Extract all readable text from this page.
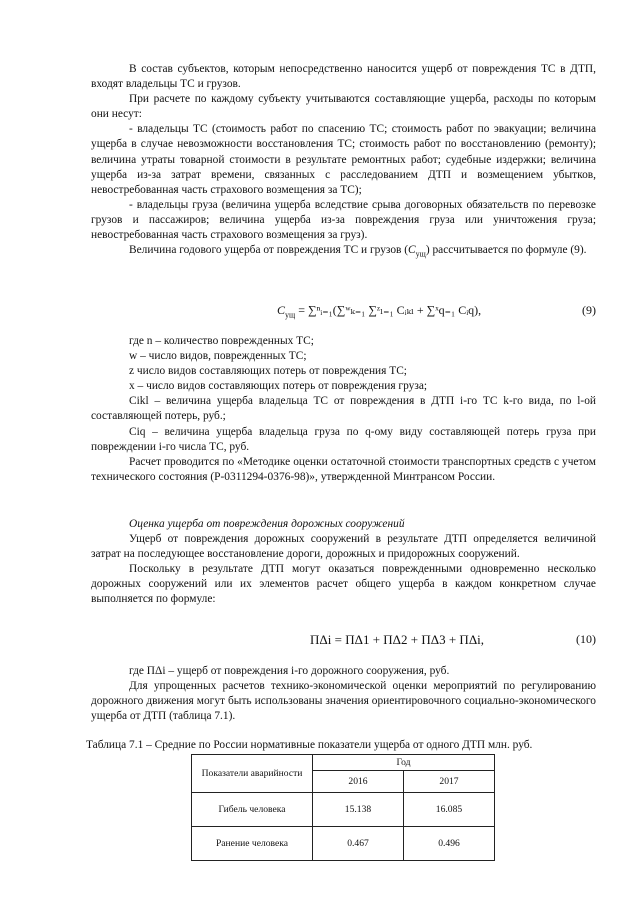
В состав субъектов, которым непосредственно наносится ущерб от повреждения ТС в ДТП, входят владельцы ТС и грузов.

При расчете по каждому субъекту учитываются составляющие ущерба, расходы по которым они несут:

- владельцы ТС (стоимость работ по спасению ТС; стоимость работ по эвакуации; величина ущерба в случае невозможности восстановления ТС; стоимость работ по восстановлению (ремонту); величина утраты товарной стоимости в результате ремонтных работ; судебные издержки; величина ущерба из-за затрат времени, связанных с расследованием ДТП и возмещением убытков, невостребованная часть страхового возмещения за ТС);

- владельцы груза (величина ущерба вследствие срыва договорных обязательств по перевозке грузов и пассажиров; величина ущерба из-за повреждения груза или уничтожения груза; невостребованная часть страхового возмещения за груз).

Величина годового ущерба от повреждения ТС и грузов $(C_{ущ})$ рассчитывается по формуле (9).

$C_{ущ}$ = ∑ⁿᵢ₌₁(∑ʷₖ₌₁ ∑ᶻₗ₌₁ Cᵢₖₗ + ∑ˣq₌₁ Cᵢq),	(9)

где n – количество поврежденных ТС;

w – число видов, поврежденных ТС;

z число видов составляющих потерь от повреждения ТС;

x – число видов составляющих потерь от повреждения груза;

Cikl – величина ущерба владельца ТС от повреждения в ДТП i-го ТС k-го вида, по l-ой составляющей потерь, руб.;

Ciq – величина ущерба владельца груза по q-ому виду составляющей потерь груза при повреждении i-го числа ТС, руб.

Расчет проводится по «Методике оценки остаточной стоимости транспортных средств с учетом технического состояния (Р-0311294-0376-98)», утвержденной Минтрансом России.

Оценка ущерба от повреждения дорожных сооружений

Ущерб от повреждения дорожных сооружений в результате ДТП определяется величиной затрат на последующее восстановление дороги, дорожных и придорожных сооружений.

Поскольку в результате ДТП могут оказаться поврежденными одновременно несколько дорожных сооружений или их элементов расчет общего ущерба в каждом конкретном случае выполняется по формуле:

ПΔi = ПΔ1 + ПΔ2 + ПΔ3 + ПΔi,	(10)

где ПΔi – ущерб от повреждения i-го дорожного сооружения, руб.

Для упрощенных расчетов технико-экономической оценки мероприятий по регулированию дорожного движения могут быть использованы значения ориентировочного социально-экономического ущерба от ДТП (таблица 7.1).

Таблица 7.1 – Средние по России нормативные показатели ущерба от одного ДТП млн. руб.
Показатели аварийности	Год	
	2016	2017
Гибель человека	15.138	16.085
Ранение человека	0.467	0.496
